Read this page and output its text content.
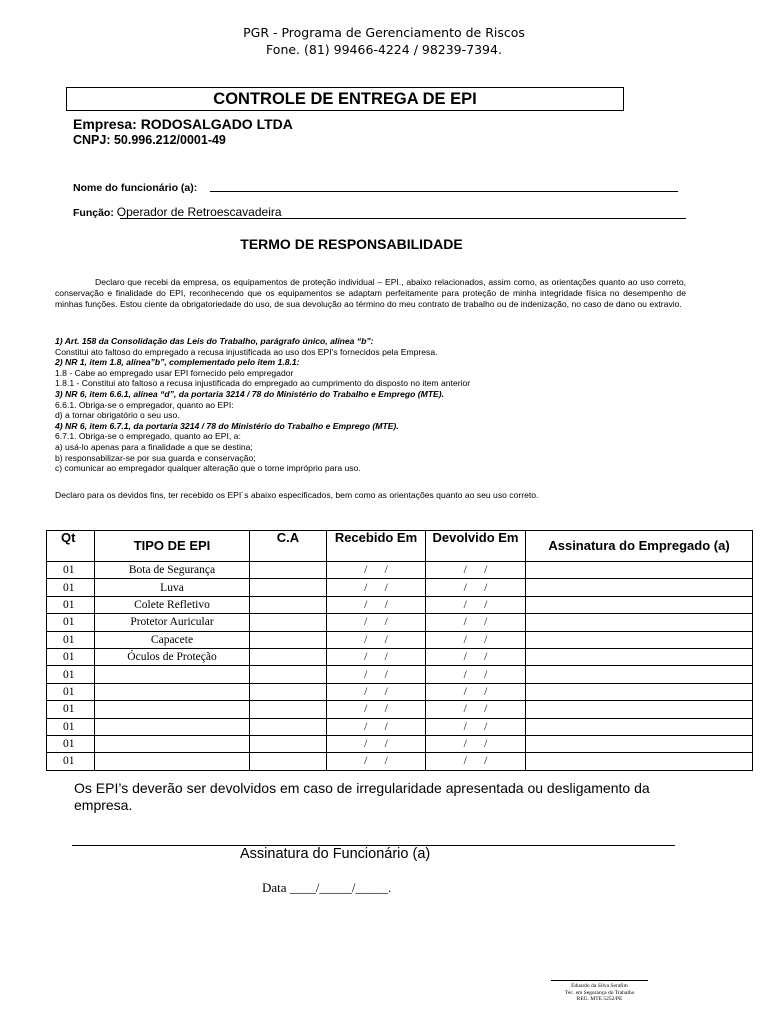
PGR - Programa de Gerenciamento de Riscos
Fone. (81) 99466-4224 / 98239-7394.
CONTROLE DE ENTREGA DE EPI
Empresa: RODOSALGADO LTDA
CNPJ: 50.996.212/0001-49
Nome do funcionário (a):
Função: Operador de Retroescavadeira
TERMO DE RESPONSABILIDADE
Declaro que recebi da empresa, os equipamentos de proteção individual – EPI., abaixo relacionados, assim como, as orientações quanto ao uso correto, conservação e finalidade do EPI, reconhecendo que os equipamentos se adaptam perfeitamente para proteção de minha integridade física no desempenho de minhas funções. Estou ciente da obrigatoriedade do uso, de sua devolução ao término do meu contrato de trabalho ou de indenização, no caso de dano ou extravio.
1) Art. 158 da Consolidação das Leis do Trabalho, parágrafo único, alínea “b”:
Constitui ato faltoso do empregado a recusa injustificada ao uso dos EPI’s fornecidos pela Empresa.
2) NR 1, item 1.8, alínea”b”, complementado pelo item 1.8.1:
1.8 - Cabe ao empregado usar EPI fornecido pelo empregador
1.8.1 - Constitui ato faltoso a recusa injustificada do empregado ao cumprimento do disposto no item anterior
3) NR 6, item 6.6.1, alínea “d”, da portaria 3214 / 78 do Ministério do Trabalho e Emprego (MTE).
6.6.1. Obriga-se o empregador, quanto ao EPI:
d) a tornar obrigatório o seu uso.
4) NR 6, item 6.7.1, da portaria 3214 / 78 do Ministério do Trabalho e Emprego (MTE).
6.7.1. Obriga-se o empregado, quanto ao EPI, a:
a) usá-lo apenas para a finalidade a que se destina;
b) responsabilizar-se por sua guarda e conservação;
c) comunicar ao empregador qualquer alteração que o torne impróprio para uso.
Declaro para os devidos fins, ter recebido os EPI´s abaixo especificados, bem como as orientações quanto ao seu uso correto.
Qt	TIPO DE EPI	C.A	Recebido Em	Devolvido Em	Assinatura do Empregado (a)
01	Bota de Segurança		/      /	/      /	
01	Luva		/      /	/      /	
01	Colete Refletivo		/      /	/      /	
01	Protetor Auricular		/      /	/      /	
01	Capacete		/      /	/      /	
01	Óculos de Proteção		/      /	/      /	
01			/      /	/      /	
01			/      /	/      /	
01			/      /	/      /	
01			/      /	/      /	
01			/      /	/      /	
01			/      /	/      /	
Os EPI’s deverão ser devolvidos em caso de irregularidade apresentada ou desligamento da empresa.
Assinatura do Funcionário (a)
Data ____/_____/_____.
Eduardo da Silva Serafim
Téc. em Segurança do Trabalho
REG. MTE 5252/PE
